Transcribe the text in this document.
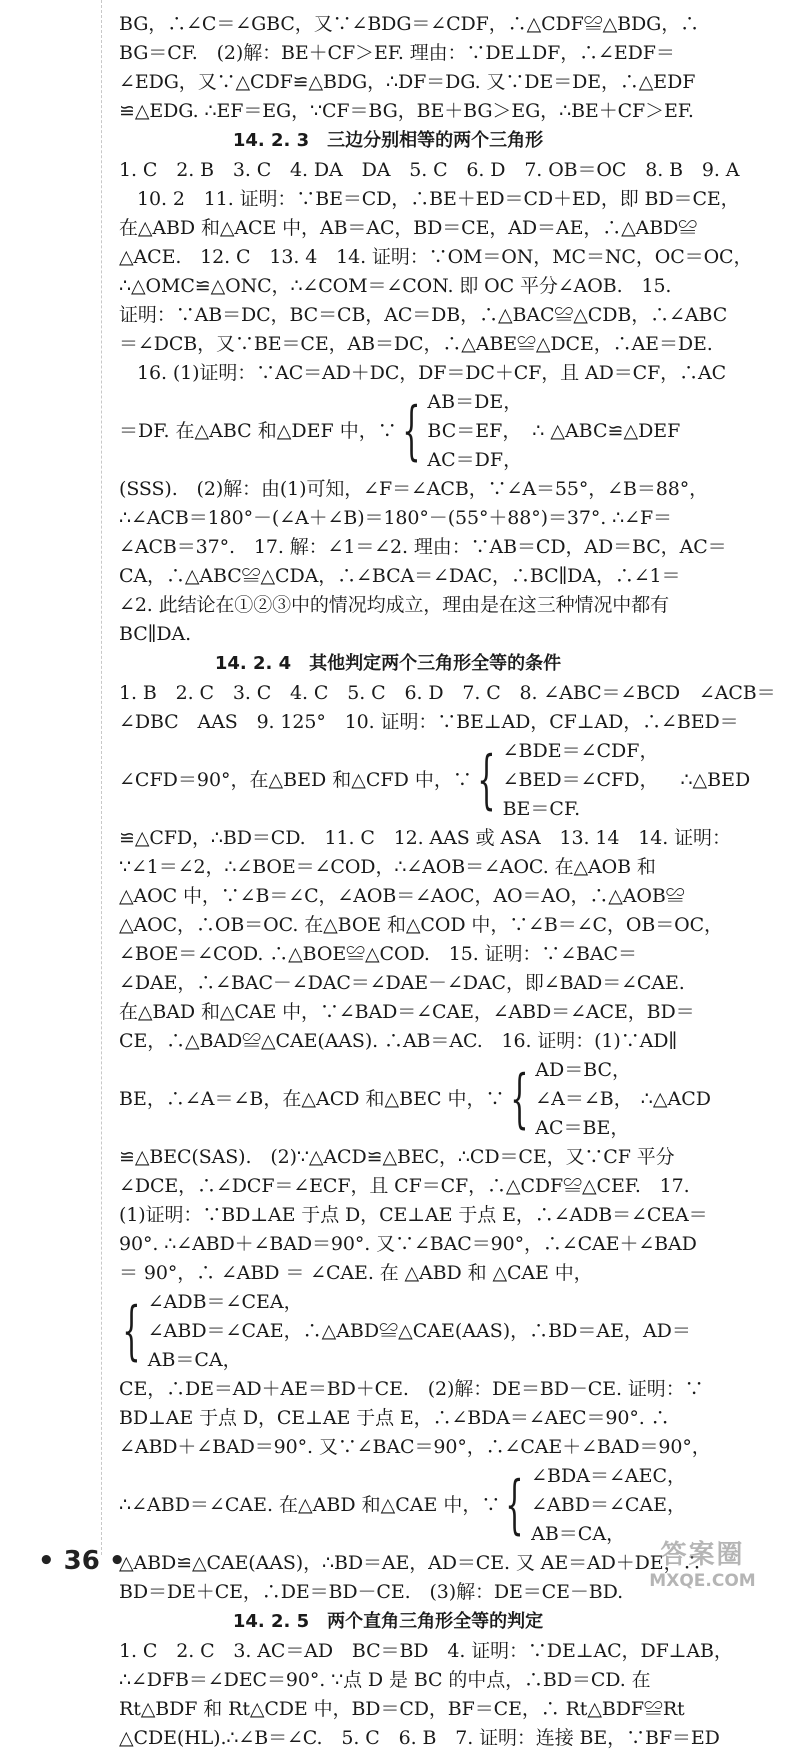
BG，∴∠C＝∠GBC，又∵∠BDG＝∠CDF，∴△CDF≌△BDG，∴
BG＝CF.　(2)解：BE＋CF＞EF. 理由：∵DE⊥DF，∴∠EDF＝
∠EDG，又∵△CDF≌△BDG，∴DF＝DG. 又∵DE＝DE，∴△EDF
≌△EDG. ∴EF＝EG，∵CF＝BG，BE＋BG＞EG，∴BE＋CF＞EF.
14. 2. 3　三边分别相等的两个三角形
1. C　2. B　3. C　4. DA　DA　5. C　6. D　7. OB＝OC　8. B　9. A
10. 2　11. 证明：∵BE＝CD，∴BE＋ED＝CD＋ED，即 BD＝CE，
在△ABD 和△ACE 中，AB＝AC，BD＝CE，AD＝AE，∴△ABD≌
△ACE.　12. C　13. 4　14. 证明：∵OM＝ON，MC＝NC，OC＝OC，
∴△OMC≌△ONC，∴∠COM＝∠CON. 即 OC 平分∠AOB.　15.
证明：∵AB＝DC，BC＝CB，AC＝DB，∴△BAC≌△CDB，∴∠ABC
＝∠DCB，又∵BE＝CE，AB＝DC，∴△ABE≌△DCE，∴AE＝DE.
16. (1)证明：∵AC＝AD＋DC，DF＝DC＋CF，且 AD＝CF，∴AC
＝DF. 在△ABC 和△DEF 中，∵ { AB＝DE，
BC＝EF，
AC＝DF，
∴ △ABC≌△DEF
(SSS).　(2)解：由(1)可知，∠F＝∠ACB，∵∠A＝55°，∠B＝88°，
∴∠ACB＝180°－(∠A＋∠B)＝180°－(55°＋88°)＝37°. ∴∠F＝
∠ACB＝37°.　17. 解：∠1＝∠2. 理由：∵AB＝CD，AD＝BC，AC＝
CA，∴△ABC≌△CDA，∴∠BCA＝∠DAC，∴BC∥DA，∴∠1＝
∠2. 此结论在①②③中的情况均成立，理由是在这三种情况中都有
BC∥DA.
14. 2. 4　其他判定两个三角形全等的条件
1. B　2. C　3. C　4. C　5. C　6. D　7. C　8. ∠ABC＝∠BCD　∠ACB＝
∠DBC　AAS　9. 125°　10. 证明：∵BE⊥AD，CF⊥AD，∴∠BED＝
∠CFD＝90°，在△BED 和△CFD 中，∵ { ∠BDE＝∠CDF，
∠BED＝∠CFD，
BE＝CF.
∴△BED
≌△CFD，∴BD＝CD.　11. C　12. AAS 或 ASA　13. 14　14. 证明：
∵∠1＝∠2，∴∠BOE＝∠COD，∴∠AOB＝∠AOC. 在△AOB 和
△AOC 中，∵∠B＝∠C，∠AOB＝∠AOC，AO＝AO，∴△AOB≌
△AOC，∴OB＝OC. 在△BOE 和△COD 中，∵∠B＝∠C，OB＝OC，
∠BOE＝∠COD. ∴△BOE≌△COD.　15. 证明：∵∠BAC＝
∠DAE，∴∠BAC－∠DAC＝∠DAE－∠DAC，即∠BAD＝∠CAE.
在△BAD 和△CAE 中，∵∠BAD＝∠CAE，∠ABD＝∠ACE，BD＝
CE，∴△BAD≌△CAE(AAS). ∴AB＝AC.　16. 证明：(1)∵AD∥
BE，∴∠A＝∠B，在△ACD 和△BEC 中，∵ { AD＝BC，
∠A＝∠B，
AC＝BE，
∴△ACD
≌△BEC(SAS).　(2)∵△ACD≌△BEC，∴CD＝CE，又∵CF 平分
∠DCE，∴∠DCF＝∠ECF，且 CF＝CF，∴△CDF≌△CEF.　17.
(1)证明：∵BD⊥AE 于点 D，CE⊥AE 于点 E，∴∠ADB＝∠CEA＝
90°. ∴∠ABD＋∠BAD＝90°. 又∵∠BAC＝90°，∴∠CAE＋∠BAD
＝ 90°，∴ ∠ABD ＝ ∠CAE. 在 △ABD 和 △CAE 中，
{ ∠ADB＝∠CEA，
∠ABD＝∠CAE，∴△ABD≌△CAE(AAS)，∴BD＝AE，AD＝
AB＝CA，
CE，∴DE＝AD＋AE＝BD＋CE.　(2)解：DE＝BD－CE. 证明：∵
BD⊥AE 于点 D，CE⊥AE 于点 E，∴∠BDA＝∠AEC＝90°. ∴
∠ABD＋∠BAD＝90°. 又∵∠BAC＝90°，∴∠CAE＋∠BAD＝90°，
∴∠ABD＝∠CAE. 在△ABD 和△CAE 中，∵ { ∠BDA＝∠AEC，
∠ABD＝∠CAE，
AB＝CA，
△ABD≌△CAE(AAS)，∴BD＝AE，AD＝CE. 又 AE＝AD＋DE，∴
BD＝DE＋CE，∴DE＝BD－CE.　(3)解：DE＝CE－BD.
14. 2. 5　两个直角三角形全等的判定
1. C　2. C　3. AC＝AD　BC＝BD　4. 证明：∵DE⊥AC，DF⊥AB，
∴∠DFB＝∠DEC＝90°. ∵点 D 是 BC 的中点，∴BD＝CD. 在
Rt△BDF 和 Rt△CDE 中，BD＝CD，BF＝CE，∴ Rt△BDF≌Rt
△CDE(HL).∴∠B＝∠C.　5. C　6. B　7. 证明：连接 BE，∵BF＝ED
• 36 •	答案圈
MXQE.COM
